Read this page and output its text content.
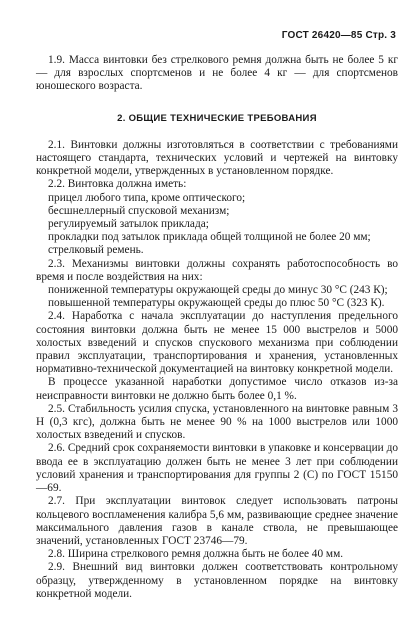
ГОСТ 26420—85 Стр. 3

1.9. Масса винтовки без стрелкового ремня должна быть не более 5 кг — для взрослых спортсменов и не более 4 кг — для спортсменов юношеского возраста.

2. ОБЩИЕ ТЕХНИЧЕСКИЕ ТРЕБОВАНИЯ

2.1. Винтовки должны изготовляться в соответствии с требованиями настоящего стандарта, технических условий и чертежей на винтовку конкретной модели, утвержденных в установленном порядке.

2.2. Винтовка должна иметь:

прицел любого типа, кроме оптического;

бесшнеллерный спусковой механизм;

регулируемый затылок приклада;

прокладки под затылок приклада общей толщиной не более 20 мм;

стрелковый ремень.

2.3. Механизмы винтовки должны сохранять работоспособность во время и после воздействия на них:

пониженной температуры окружающей среды до минус 30 °С (243 К);

повышенной температуры окружающей среды до плюс 50 °С (323 К).

2.4. Наработка с начала эксплуатации до наступления предельного состояния винтовки должна быть не менее 15 000 выстрелов и 5000 холостых взведений и спусков спускового механизма при соблюдении правил эксплуатации, транспортирования и хранения, установленных нормативно-технической документацией на винтовку конкретной модели.

В процессе указанной наработки допустимое число отказов из-за неисправности винтовки не должно быть более 0,1 %.

2.5. Стабильность усилия спуска, установленного на винтовке равным 3 Н (0,3 кгс), должна быть не менее 90 % на 1000 выстрелов или 1000 холостых взведений и спусков.

2.6. Средний срок сохраняемости винтовки в упаковке и консервации до ввода ее в эксплуатацию должен быть не менее 3 лет при соблюдении условий хранения и транспортирования для группы 2 (С) по ГОСТ 15150—69.

2.7. При эксплуатации винтовок следует использовать патроны кольцевого воспламенения калибра 5,6 мм, развивающие среднее значение максимального давления газов в канале ствола, не превышающее значений, установленных ГОСТ 23746—79.

2.8. Ширина стрелкового ремня должна быть не более 40 мм.

2.9. Внешний вид винтовки должен соответствовать контрольному образцу, утвержденному в установленном порядке на винтовку конкретной модели.
